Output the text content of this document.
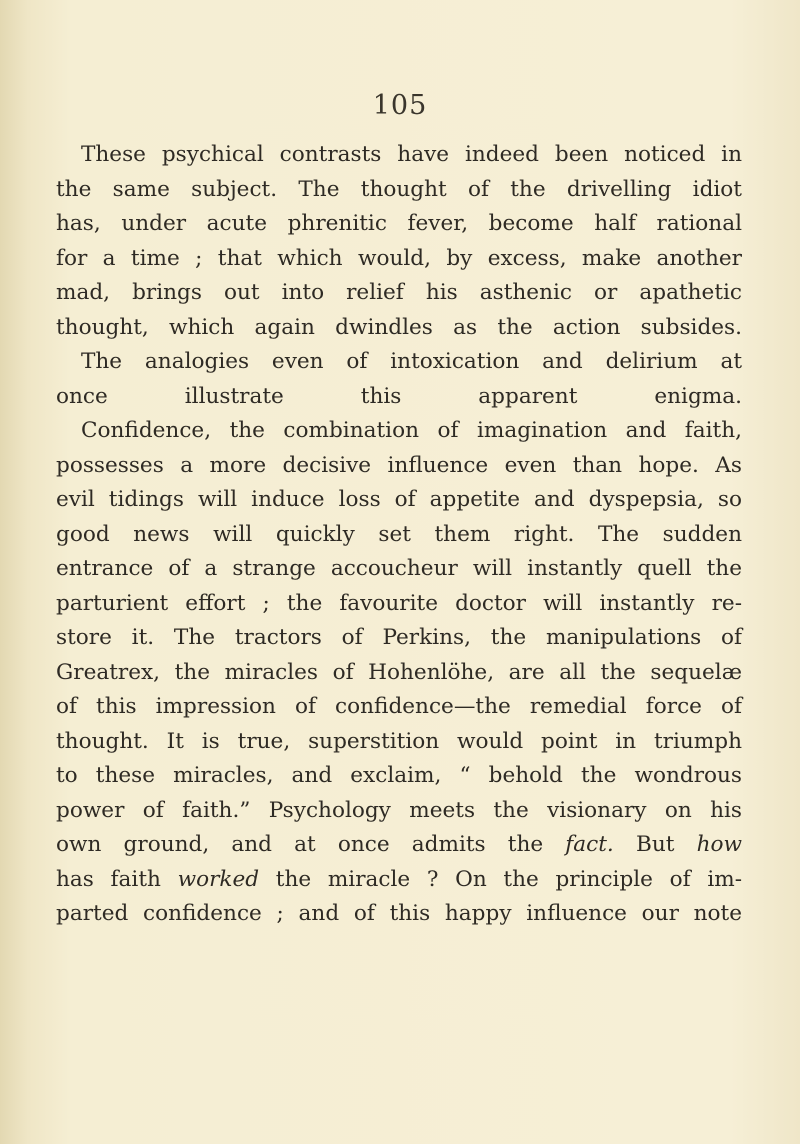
105
These psychical contrasts have indeed been noticed in
the same subject. The thought of the drivelling idiot
has, under acute phrenitic fever, become half rational
for a time ; that which would, by excess, make another
mad, brings out into relief his asthenic or apathetic
thought, which again dwindles as the action subsides.
The analogies even of intoxication and delirium at
once illustrate this apparent enigma.
Confidence, the combination of imagination and faith,
possesses a more decisive influence even than hope. As
evil tidings will induce loss of appetite and dyspepsia, so
good news will quickly set them right. The sudden
entrance of a strange accoucheur will instantly quell the
parturient effort ; the favourite doctor will instantly re-
store it. The tractors of Perkins, the manipulations of
Greatrex, the miracles of Hohenlöhe, are all the sequelæ
of this impression of confidence—the remedial force of
thought. It is true, superstition would point in triumph
to these miracles, and exclaim, “ behold the wondrous
power of faith.” Psychology meets the visionary on his
own ground, and at once admits the fact. But how
has faith worked the miracle ? On the principle of im-
parted confidence ; and of this happy influence our note
